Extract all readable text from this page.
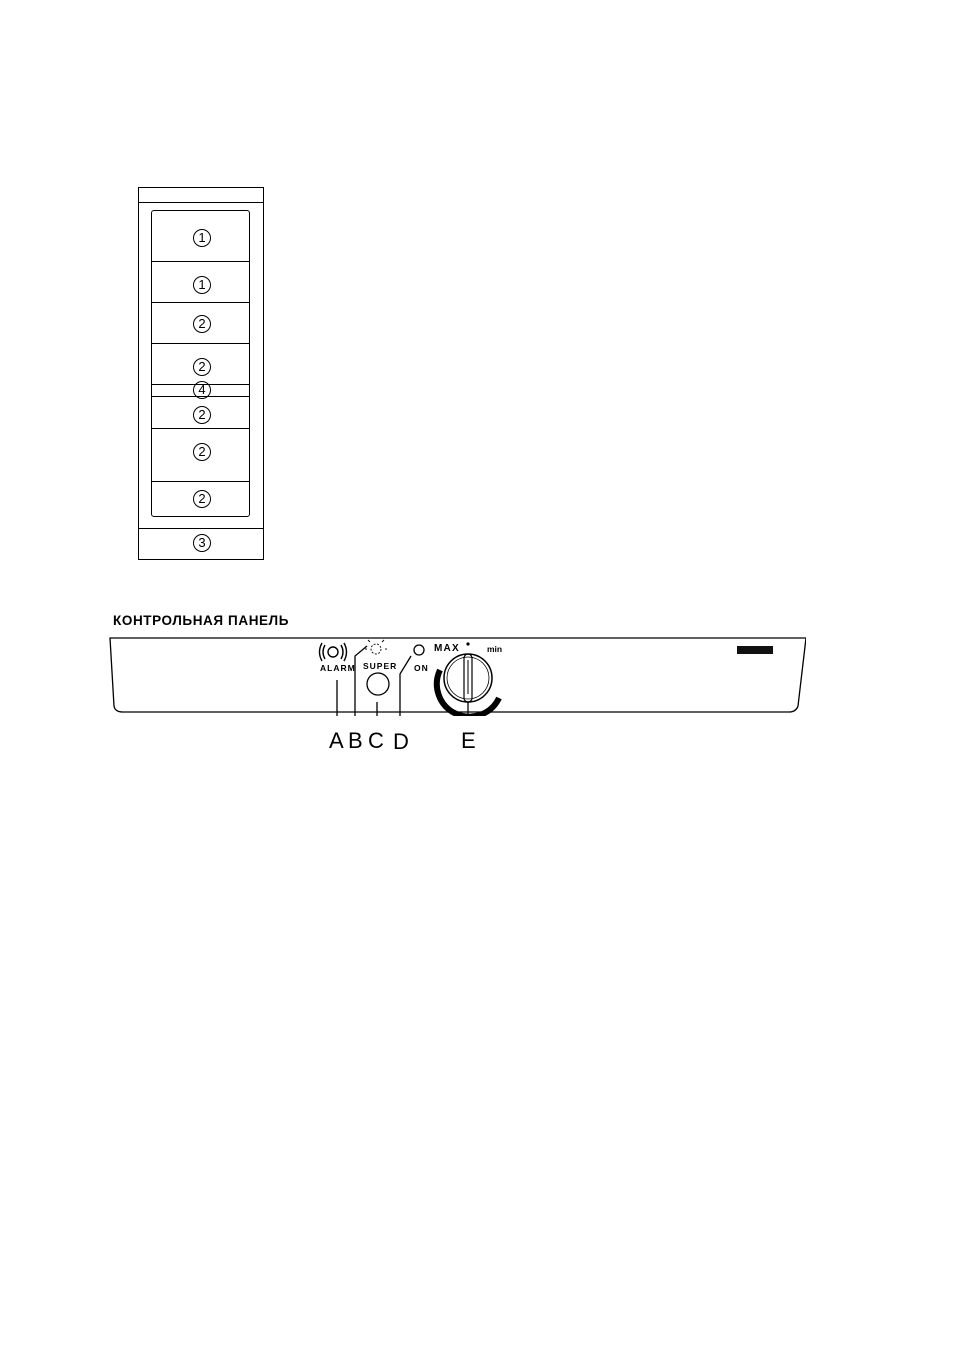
1
1
2
2
4
2
2
2
3
КОНТРОЛЬНАЯ ПАНЕЛЬ
ALARM SUPER ON
MAX	min
A B C D E
